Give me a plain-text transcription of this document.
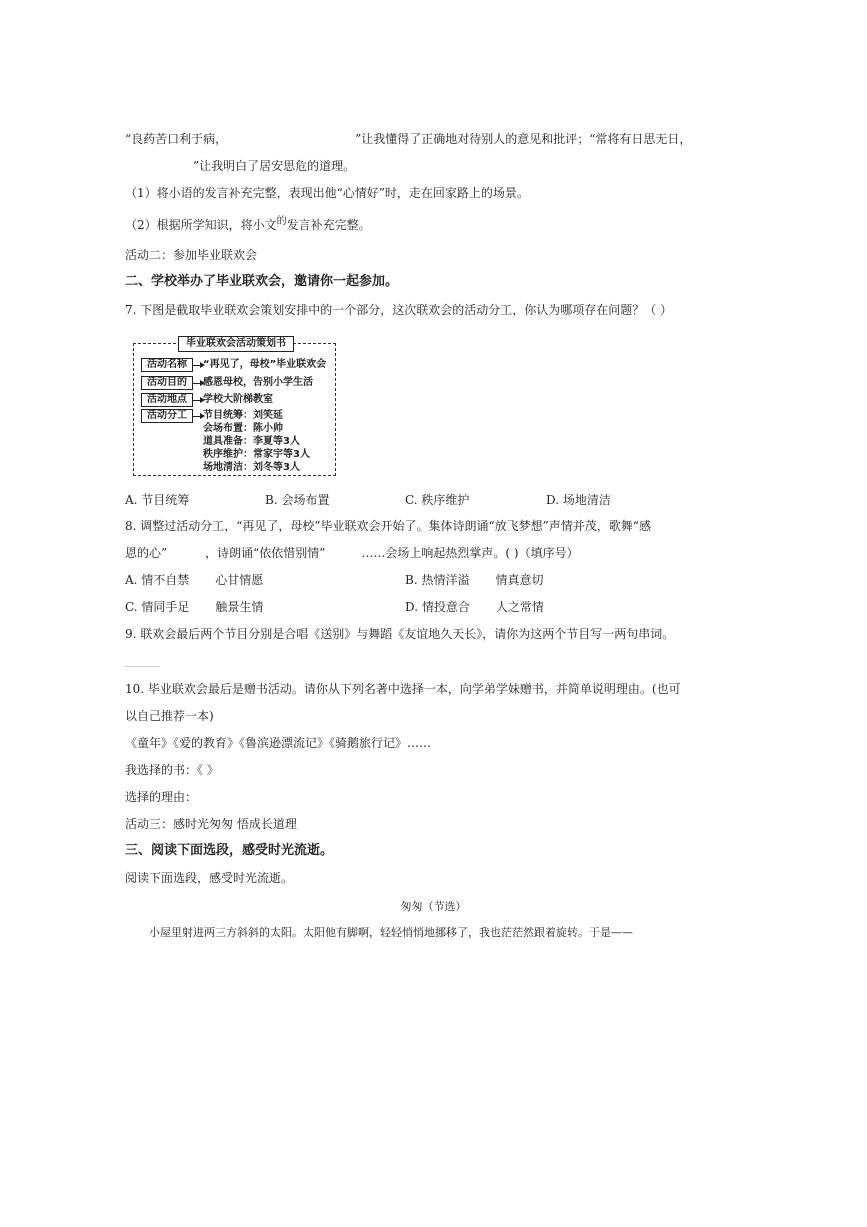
“良药苦口利于病，	”让我懂得了正确地对待别人的意见和批评；“常将有日思无日，
”让我明白了居安思危的道理。
（1）将小语的发言补充完整，表现出他“心情好”时，走在回家路上的场景。
（2）根据所学知识，将小文$^的$发言补充完整。
活动二：参加毕业联欢会
二、学校举办了毕业联欢会，邀请你一起参加。
7. 下图是截取毕业联欢会策划安排中的一个部分，这次联欢会的活动分工，你认为哪项存在问题？（ ）
毕业联欢会活动策划书
活动名称	“再见了，母校”毕业联欢会
活动目的	感恩母校，告别小学生活
活动地点	学校大阶梯教室
活动分工	节目统筹：刘笑延
会场布置：陈小帅
道具准备：李夏等3人
秩序维护：常家宇等3人
场地清洁：刘冬等3人
A. 节目统筹	B. 会场布置	C. 秩序维护	D. 场地清洁
8. 调整过活动分工，“再见了，母校”毕业联欢会开始了。集体诗朗诵“放飞梦想”声情并茂，歌舞“感
恩的心”	，诗朗诵“依依惜别情”	……会场上响起热烈掌声。( )（填序号）
A. 情不自禁 心甘情愿	B. 热情洋溢 情真意切
C. 情同手足 触景生情	D. 情投意合 人之常情
9. 联欢会最后两个节目分别是合唱《送别》与舞蹈《友谊地久天长》，请你为这两个节目写一两句串词。
10. 毕业联欢会最后是赠书活动。请你从下列名著中选择一本，向学弟学妹赠书，并简单说明理由。(也可
以自己推荐一本)
《童年》《爱的教育》《鲁滨逊漂流记》《骑鹅旅行记》……
我选择的书：《 》
选择的理由：
活动三：感时光匆匆 悟成长道理
三、阅读下面选段，感受时光流逝。
阅读下面选段，感受时光流逝。
匆匆（节选）
小屋里射进两三方斜斜的太阳。太阳他有脚啊，轻轻悄悄地挪移了，我也茫茫然跟着旋转。于是——
